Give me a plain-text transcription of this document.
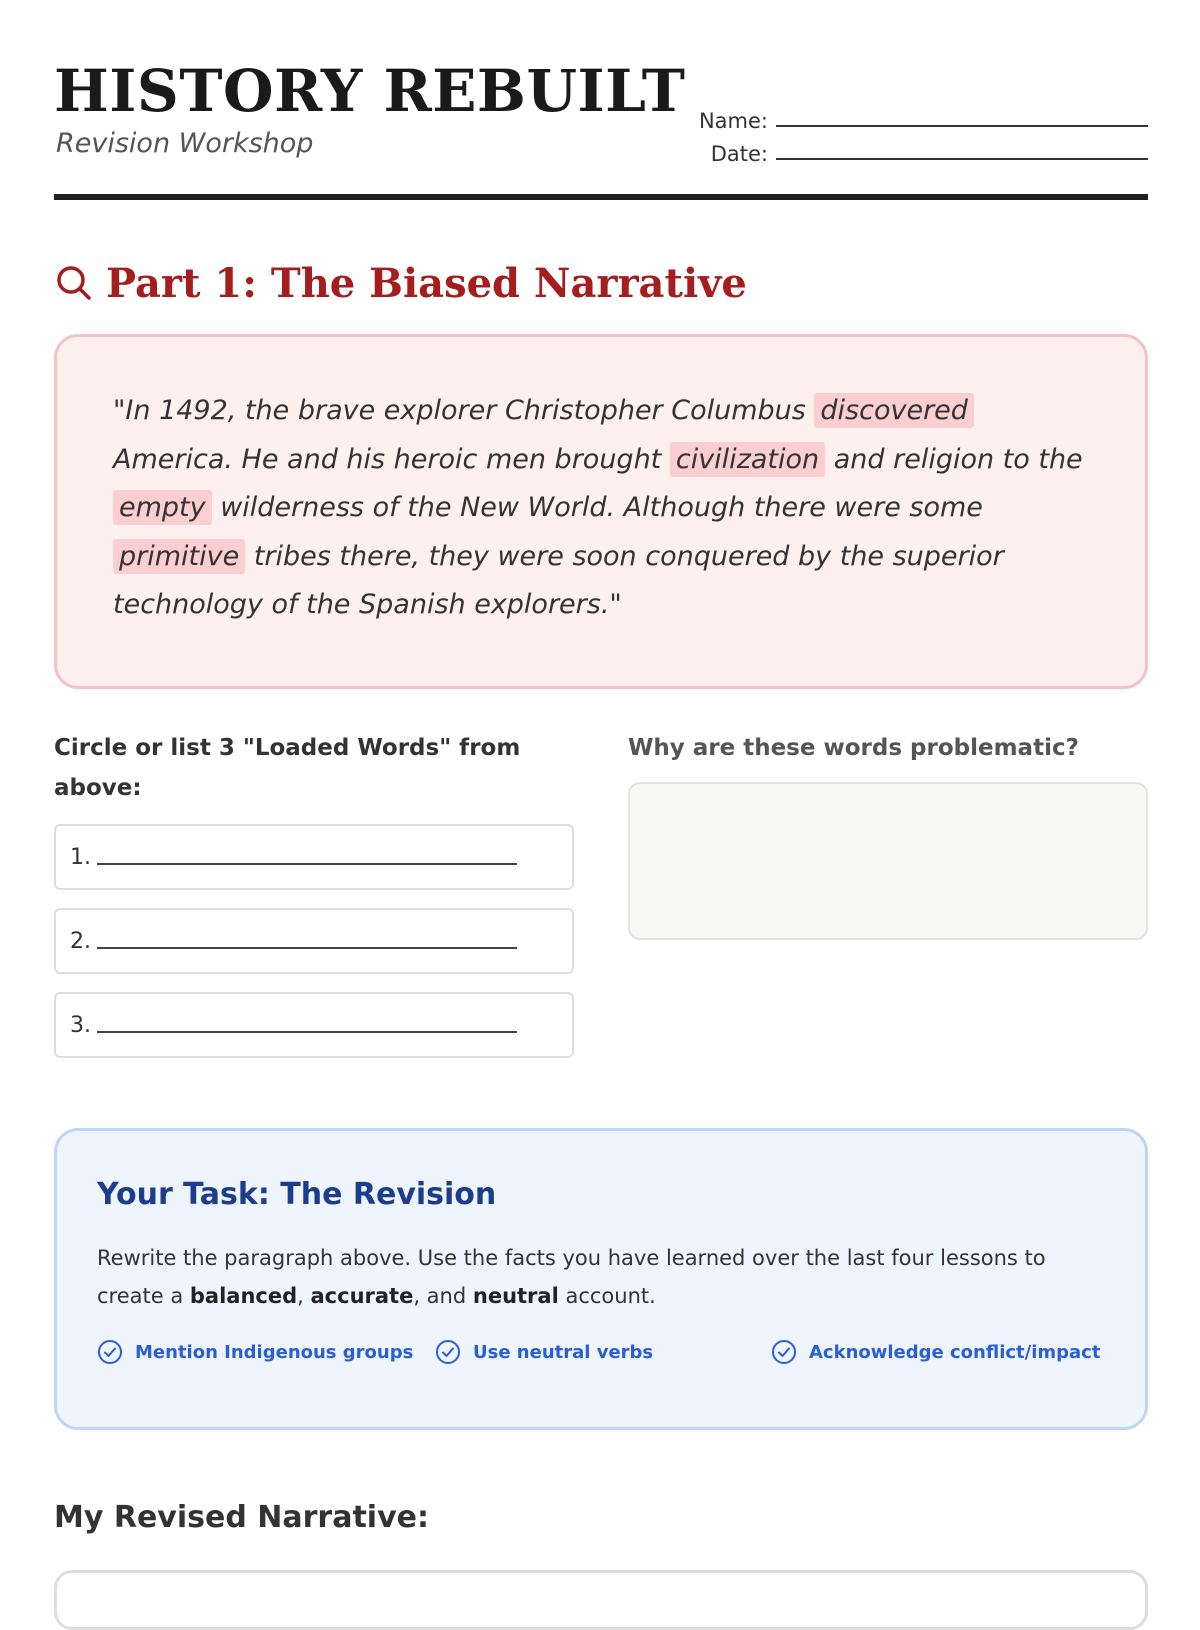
HISTORY REBUILT
Revision Workshop
Name:
Date:
Part 1: The Biased Narrative

"In 1492, the brave explorer Christopher Columbus discovered America. He and his heroic men brought civilization and religion to the empty wilderness of the New World. Although there were some primitive tribes there, they were soon conquered by the superior technology of the Spanish explorers."

Circle or list 3 "Loaded Words" from above:
1.
2.
3.
Why are these words problematic?
Your Task: The Revision

Rewrite the paragraph above. Use the facts you have learned over the last four lessons to create a balanced, accurate, and neutral account.

Mention Indigenous groups	Use neutral verbs	Acknowledge conflict/impact
My Revised Narrative:
